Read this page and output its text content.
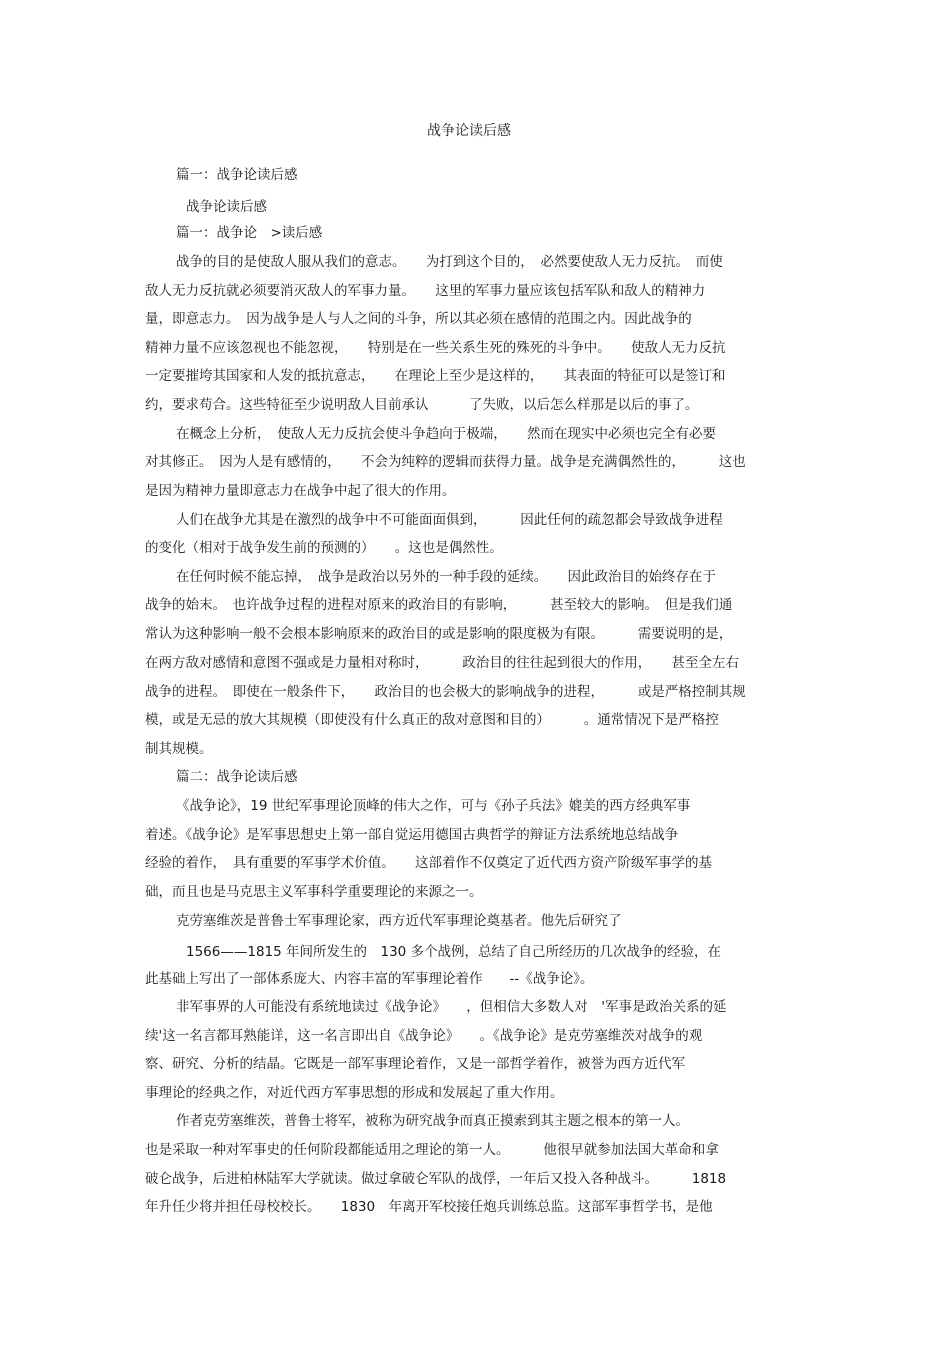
战争论读后感
篇一：战争论读后感
战争论读后感
篇一：战争论　>读后感
战争的目的是使敌人服从我们的意志。　　为打到这个目的，　必然要使敌人无力反抗。　而使
敌人无力反抗就必须要消灭敌人的军事力量。　　这里的军事力量应该包括军队和敌人的精神力
量，即意志力。　因为战争是人与人之间的斗争，所以其必须在感情的范围之内。因此战争的
精神力量不应该忽视也不能忽视，　　特别是在一些关系生死的殊死的斗争中。　　使敌人无力反抗
一定要摧垮其国家和人发的抵抗意志，　　在理论上至少是这样的，　　其表面的特征可以是签订和
约，要求苟合。这些特征至少说明敌人目前承认　　　了失败，以后怎么样那是以后的事了。
在概念上分析，　使敌人无力反抗会使斗争趋向于极端，　　然而在现实中必须也完全有必要
对其修正。　因为人是有感情的，　　不会为纯粹的逻辑而获得力量。战争是充满偶然性的，　　　这也
是因为精神力量即意志力在战争中起了很大的作用。
人们在战争尤其是在激烈的战争中不可能面面俱到，　　　因此任何的疏忽都会导致战争进程
的变化（相对于战争发生前的预测的）　　。这也是偶然性。
在任何时候不能忘掉，　战争是政治以另外的一种手段的延续。　　因此政治目的始终存在于
战争的始末。　也许战争过程的进程对原来的政治目的有影响，　　　甚至较大的影响。　但是我们通
常认为这种影响一般不会根本影响原来的政治目的或是影响的限度极为有限。　　　需要说明的是，
在两方敌对感情和意图不强或是力量相对称时，　　　政治目的往往起到很大的作用，　　甚至全左右
战争的进程。　即使在一般条件下，　　政治目的也会极大的影响战争的进程，　　　或是严格控制其规
模，或是无忌的放大其规模（即使没有什么真正的敌对意图和目的）　　　。通常情况下是严格控
制其规模。
篇二：战争论读后感
《战争论》，19 世纪军事理论顶峰的伟大之作，可与《孙子兵法》媲美的西方经典军事
着述。《战争论》是军事思想史上第一部自觉运用德国古典哲学的辩证方法系统地总结战争
经验的着作，　具有重要的军事学术价值。　　这部着作不仅奠定了近代西方资产阶级军事学的基
础，而且也是马克思主义军事科学重要理论的来源之一。
克劳塞维茨是普鲁士军事理论家，西方近代军事理论奠基者。他先后研究了
1566——1815 年间所发生的　130 多个战例，总结了自己所经历的几次战争的经验，在
此基础上写出了一部体系庞大、内容丰富的军事理论着作　　--《战争论》。
非军事界的人可能没有系统地读过《战争论》　　，但相信大多数人对　'军事是政治关系的延
续'这一名言都耳熟能详，这一名言即出自《战争论》　　。《战争论》是克劳塞维茨对战争的观
察、研究、分析的结晶。它既是一部军事理论着作，又是一部哲学着作，被誉为西方近代军
事理论的经典之作，对近代西方军事思想的形成和发展起了重大作用。
作者克劳塞维茨，普鲁士将军，被称为研究战争而真正摸索到其主题之根本的第一人。
也是采取一种对军事史的任何阶段都能适用之理论的第一人。　　　他很早就参加法国大革命和拿
破仑战争，后进柏林陆军大学就读。做过拿破仑军队的战俘，一年后又投入各种战斗。　　　1818
年升任少将并担任母校校长。　　1830　年离开军校接任炮兵训练总监。这部军事哲学书，是他
